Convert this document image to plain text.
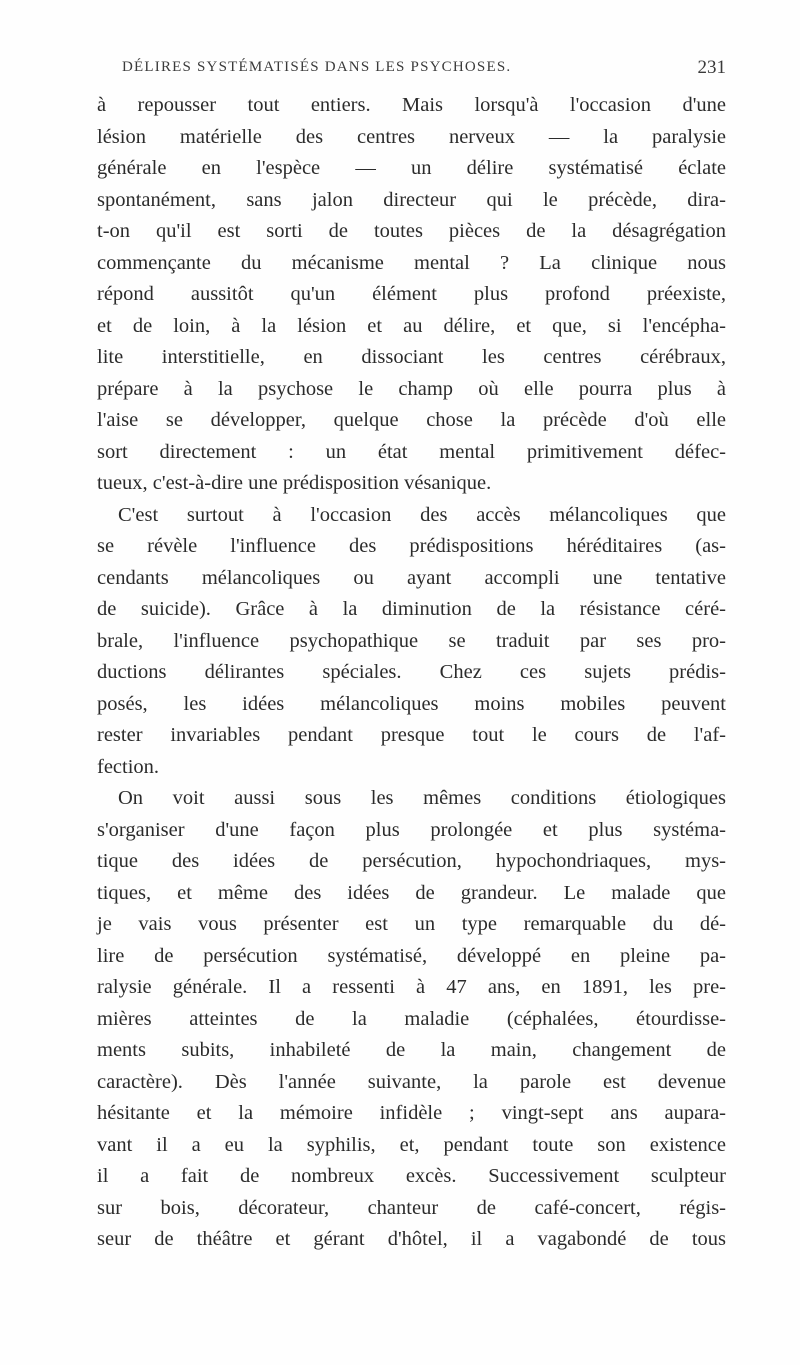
DÉLIRES SYSTÉMATISÉS DANS LES PSYCHOSES.	231
à repousser tout entiers. Mais lorsqu'à l'occasion d'une
lésion matérielle des centres nerveux — la paralysie
générale en l'espèce — un délire systématisé éclate
spontanément, sans jalon directeur qui le précède, dira-
t-on qu'il est sorti de toutes pièces de la désagrégation
commençante du mécanisme mental ? La clinique nous
répond aussitôt qu'un élément plus profond préexiste,
et de loin, à la lésion et au délire, et que, si l'encépha-
lite interstitielle, en dissociant les centres cérébraux,
prépare à la psychose le champ où elle pourra plus à
l'aise se développer, quelque chose la précède d'où elle
sort directement : un état mental primitivement défec-
tueux, c'est-à-dire une prédisposition vésanique.
C'est surtout à l'occasion des accès mélancoliques que
se révèle l'influence des prédispositions héréditaires (as-
cendants mélancoliques ou ayant accompli une tentative
de suicide). Grâce à la diminution de la résistance céré-
brale, l'influence psychopathique se traduit par ses pro-
ductions délirantes spéciales. Chez ces sujets prédis-
posés, les idées mélancoliques moins mobiles peuvent
rester invariables pendant presque tout le cours de l'af-
fection.
On voit aussi sous les mêmes conditions étiologiques
s'organiser d'une façon plus prolongée et plus systéma-
tique des idées de persécution, hypochondriaques, mys-
tiques, et même des idées de grandeur. Le malade que
je vais vous présenter est un type remarquable du dé-
lire de persécution systématisé, développé en pleine pa-
ralysie générale. Il a ressenti à 47 ans, en 1891, les pre-
mières atteintes de la maladie (céphalées, étourdisse-
ments subits, inhabileté de la main, changement de
caractère). Dès l'année suivante, la parole est devenue
hésitante et la mémoire infidèle ; vingt-sept ans aupara-
vant il a eu la syphilis, et, pendant toute son existence
il a fait de nombreux excès. Successivement sculpteur
sur bois, décorateur, chanteur de café-concert, régis-
seur de théâtre et gérant d'hôtel, il a vagabondé de tous
